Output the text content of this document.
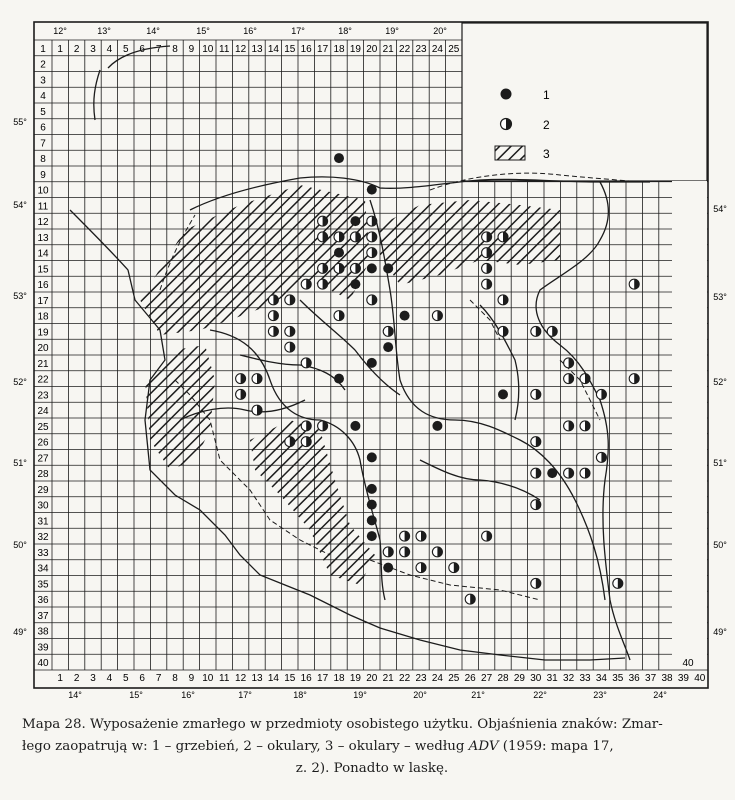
1 2 3 4 5 6 7 8 9 10 11 12 13 14 15 16 17 18 19 20 21 22 23 24 25
12°	13°	14°	15°	16°	17°	18°	19°	20°
1 2 3 4 5 6 7 8 9 10 11 12 13 14 15 16 17 18 19 20 21 22 23 24 25 26 27 28 29 30 31 32 33 34 35 36 37 38 39 40
14°	15°	16°	17°	18°	19°	20°	21°	22°	23°	24°
1
2
3
4
5
6
7
8
9
10
11
12
13
14
15
16
17
18
19
20
21
22
23
24
25
26
27
28
29
30
31
32
33
34
35
36
37
38
39
40
55°
54°
53°
52°
51°
50°
49°
40
54°
53°
52°
51°
50°
49°
1
2
3
Mapa 28. Wyposażenie zmarłego w przedmioty osobistego użytku. Objaśnienia znaków: Zmar-
łego zaopatrują w: 1 – grzebień, 2 – okulary, 3 – okulary – według ADV (1959: mapa 17,

z. 2). Ponadto w laskę.
